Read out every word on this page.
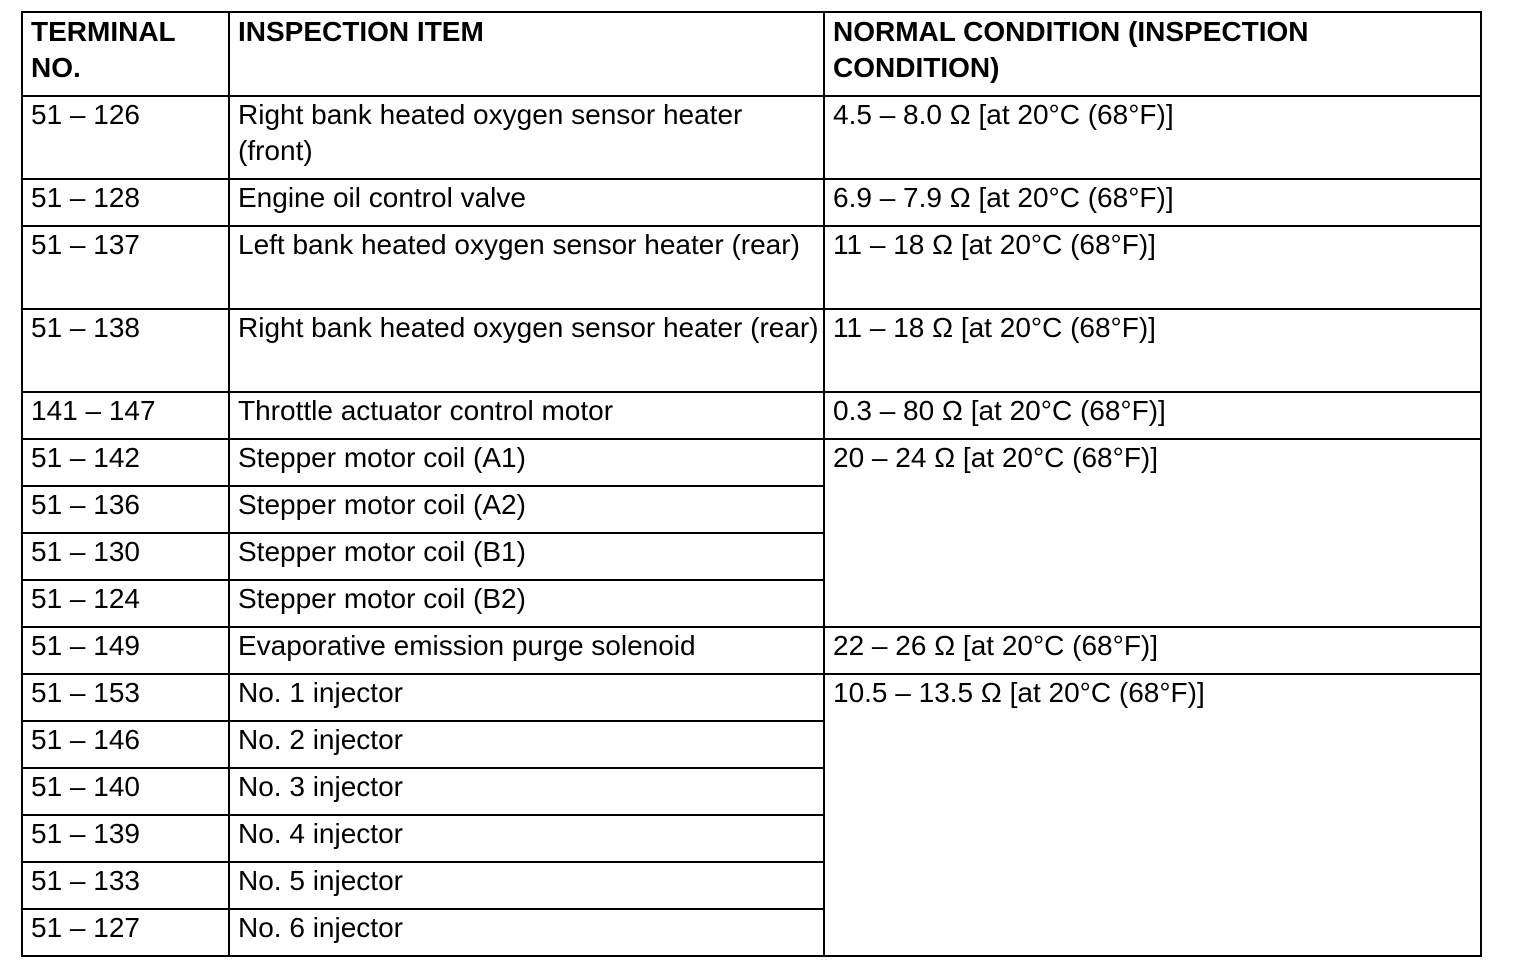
TERMINAL NO.	INSPECTION ITEM	NORMAL CONDITION (INSPECTION CONDITION)
51 – 126	Right bank heated oxygen sensor heater (front)	4.5 – 8.0 Ω [at 20°C (68°F)]
51 – 128	Engine oil control valve	6.9 – 7.9 Ω [at 20°C (68°F)]
51 – 137	Left bank heated oxygen sensor heater (rear)	11 – 18 Ω [at 20°C (68°F)]
51 – 138	Right bank heated oxygen sensor heater (rear)	11 – 18 Ω [at 20°C (68°F)]
141 – 147	Throttle actuator control motor	0.3 – 80 Ω [at 20°C (68°F)]
51 – 142	Stepper motor coil (A1)	20 – 24 Ω [at 20°C (68°F)]
51 – 136	Stepper motor coil (A2)	
51 – 130	Stepper motor coil (B1)	
51 – 124	Stepper motor coil (B2)	
51 – 149	Evaporative emission purge solenoid	22 – 26 Ω [at 20°C (68°F)]
51 – 153	No. 1 injector	10.5 – 13.5 Ω [at 20°C (68°F)]
51 – 146	No. 2 injector	
51 – 140	No. 3 injector	
51 – 139	No. 4 injector	
51 – 133	No. 5 injector	
51 – 127	No. 6 injector	
